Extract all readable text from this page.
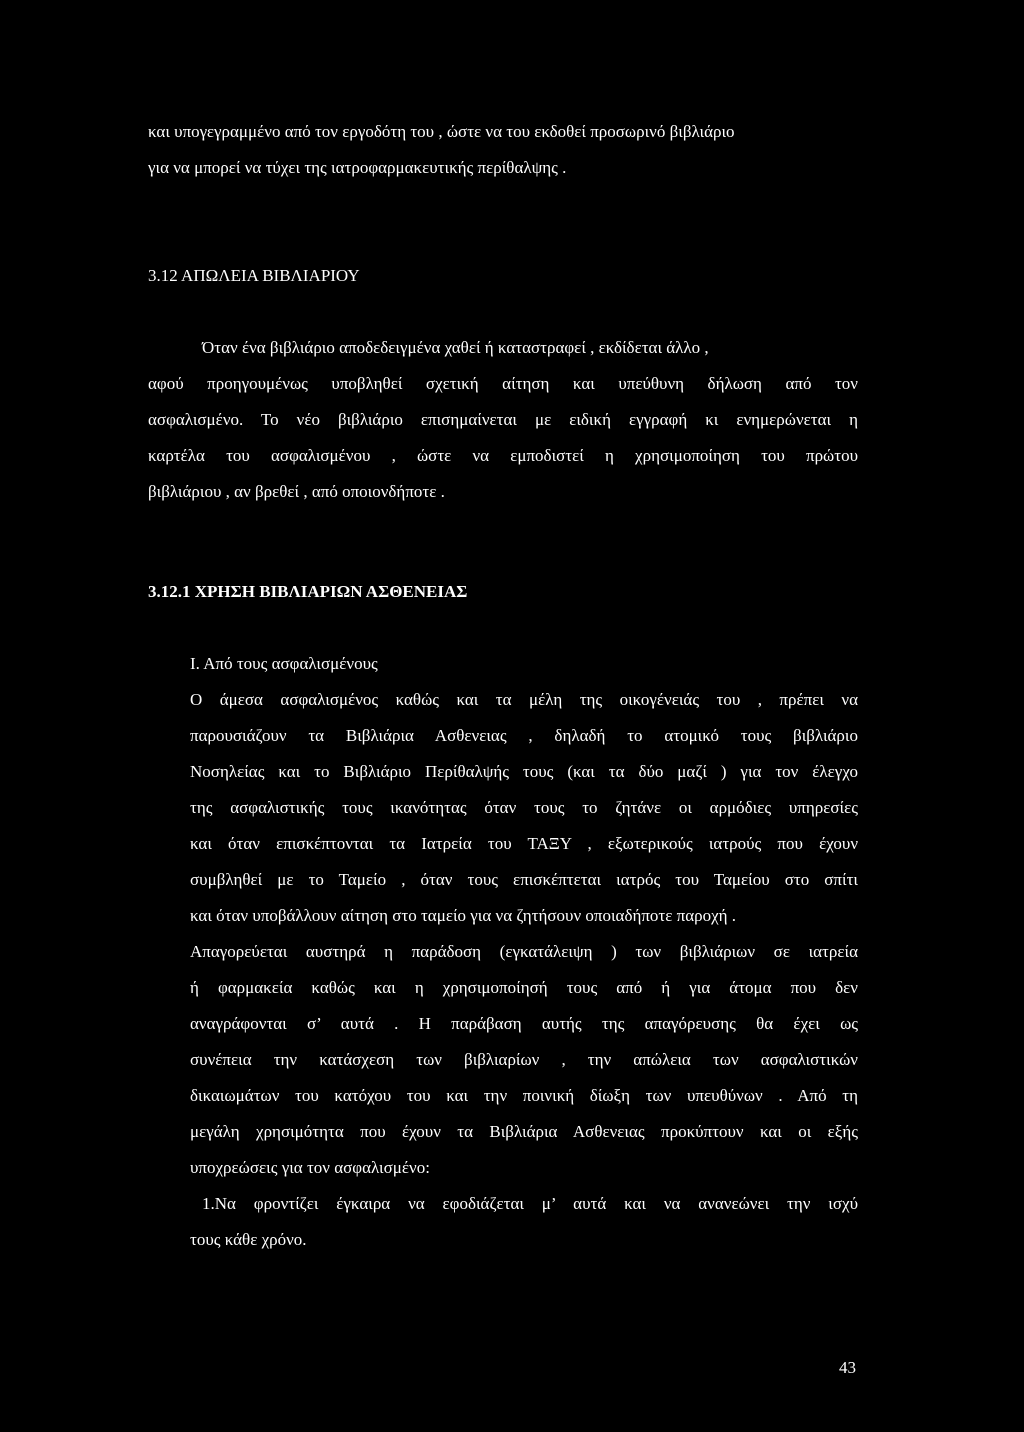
και υπογεγραμμένο από τον εργοδότη του , ώστε να του εκδοθεί προσωρινό βιβλιάριο
για να μπορεί να τύχει της ιατροφαρμακευτικής περίθαλψης .
3.12 ΑΠΩΛΕΙΑ ΒΙΒΛΙΑΡΙΟΥ
Όταν ένα βιβλιάριο αποδεδειγμένα χαθεί ή καταστραφεί , εκδίδεται άλλο ,
αφού προηγουμένως υποβληθεί σχετική αίτηση και υπεύθυνη δήλωση από τον
ασφαλισμένο. Το νέο βιβλιάριο επισημαίνεται με ειδική εγγραφή κι ενημερώνεται η
καρτέλα του ασφαλισμένου , ώστε να εμποδιστεί η χρησιμοποίηση του πρώτου
βιβλιάριου , αν βρεθεί , από οποιονδήποτε .
3.12.1 ΧΡΗΣΗ ΒΙΒΛΙΑΡΙΩΝ ΑΣΘΕΝΕΙΑΣ
Ι. Από τους ασφαλισμένους
Ο άμεσα ασφαλισμένος καθώς και τα μέλη της οικογένειάς του , πρέπει να
παρουσιάζουν τα Βιβλιάρια Ασθενειας , δηλαδή το ατομικό τους βιβλιάριο
Νοσηλείας και το Βιβλιάριο Περίθαλψής τους (και τα δύο μαζί ) για τον έλεγχο
της ασφαλιστικής τους ικανότητας όταν τους το ζητάνε οι αρμόδιες υπηρεσίες
και όταν επισκέπτονται τα Ιατρεία του ΤΑΞΥ , εξωτερικούς ιατρούς που έχουν
συμβληθεί με το Ταμείο , όταν τους επισκέπτεται ιατρός του Ταμείου στο σπίτι
και όταν υποβάλλουν αίτηση στο ταμείο για να ζητήσουν οποιαδήποτε παροχή .
Απαγορεύεται αυστηρά η παράδοση (εγκατάλειψη ) των βιβλιάριων σε ιατρεία
ή φαρμακεία καθώς και η χρησιμοποίησή τους από ή για άτομα που δεν
αναγράφονται σ’ αυτά . Η παράβαση αυτής της απαγόρευσης θα έχει ως
συνέπεια την κατάσχεση των βιβλιαρίων , την απώλεια των ασφαλιστικών
δικαιωμάτων του κατόχου του και την ποινική δίωξη των υπευθύνων . Από τη
μεγάλη χρησιμότητα που έχουν τα Βιβλιάρια Ασθενειας προκύπτουν και οι εξής
υποχρεώσεις για τον ασφαλισμένο:
1.Να φροντίζει έγκαιρα να εφοδιάζεται μ’ αυτά και να ανανεώνει την ισχύ
τους κάθε χρόνο.
43
